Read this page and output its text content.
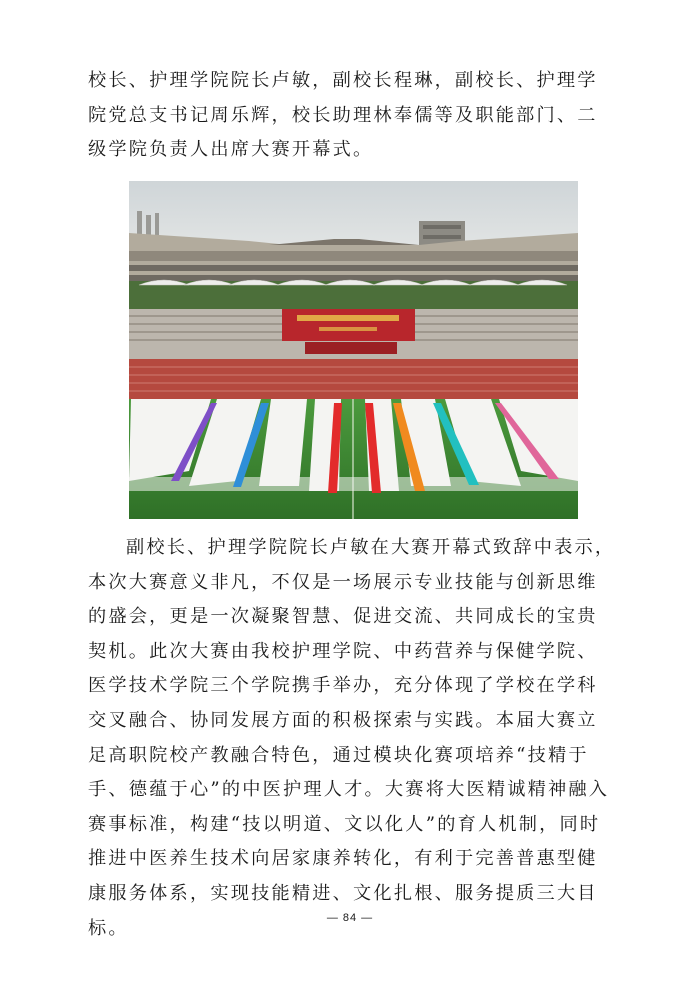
校长、护理学院院长卢敏，副校长程琳，副校长、护理学院党总支书记周乐辉，校长助理林奉儒等及职能部门、二级学院负责人出席大赛开幕式。

副校长、护理学院院长卢敏在大赛开幕式致辞中表示，本次大赛意义非凡，不仅是一场展示专业技能与创新思维的盛会，更是一次凝聚智慧、促进交流、共同成长的宝贵契机。此次大赛由我校护理学院、中药营养与保健学院、医学技术学院三个学院携手举办，充分体现了学校在学科交叉融合、协同发展方面的积极探索与实践。本届大赛立足高职院校产教融合特色，通过模块化赛项培养“技精于手、德蕴于心”的中医护理人才。大赛将大医精诚精神融入赛事标准，构建“技以明道、文以化人”的育人机制，同时推进中医养生技术向居家康养转化，有利于完善普惠型健康服务体系，实现技能精进、文化扎根、服务提质三大目标。	— 84 —
